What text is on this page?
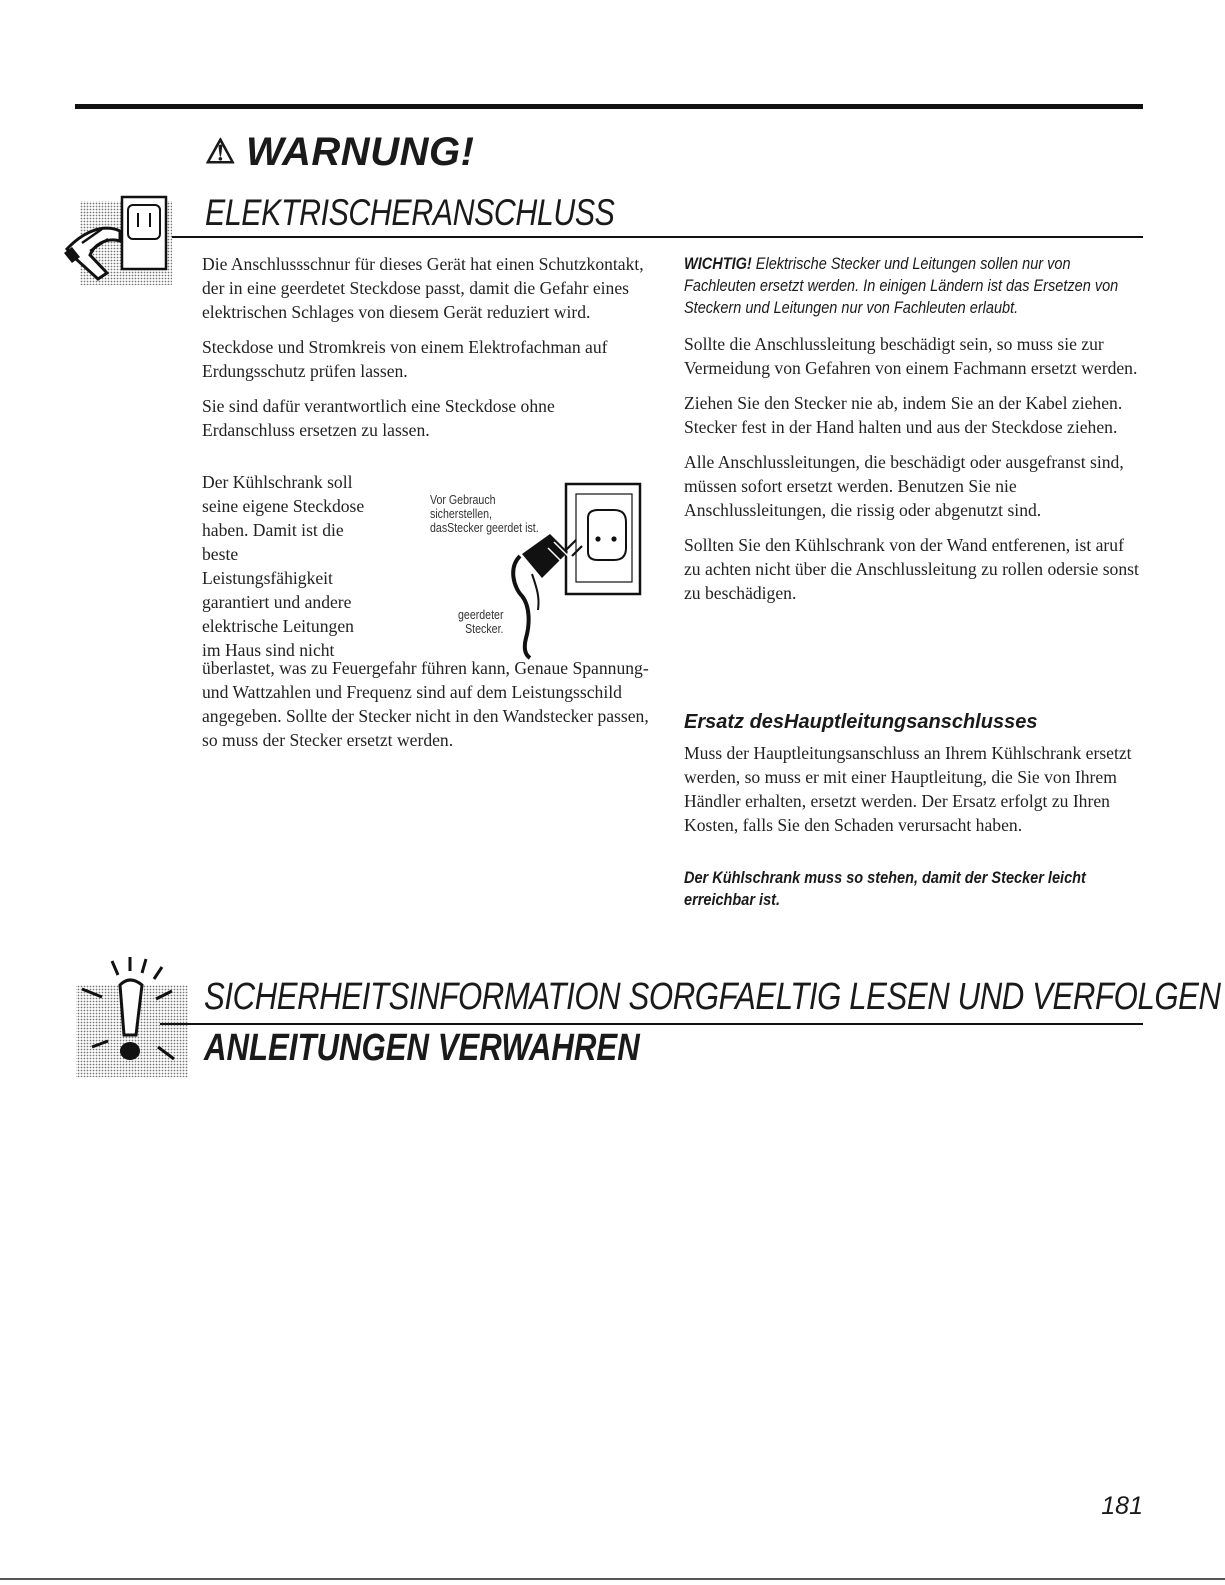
⚠ WARNUNG!
ELEKTRISCHERANSCHLUSS

Die Anschlussschnur für dieses Gerät hat einen Schutzkontakt, der in eine geerdetet Steckdose passt, damit die Gefahr eines elektrischen Schlages von diesem Gerät reduziert wird.

Steckdose und Stromkreis von einem Elektrofachman auf Erdungsschutz prüfen lassen.

Sie sind dafür verantwortlich eine Steckdose ohne Erdanschluss ersetzen zu lassen.

Der Kühlschrank soll
seine eigene Steckdose
haben. Damit ist die
beste
Leistungsfähigkeit
garantiert und andere
elektrische Leitungen
im Haus sind nicht
Vor Gebrauch
sicherstellen,
dasStecker geerdet ist.
geerdeter
Stecker.
überlastet, was zu Feuergefahr führen kann, Genaue Spannung- und Wattzahlen und Frequenz sind auf dem Leistungsschild angegeben. Sollte der Stecker nicht in den Wandstecker passen, so muss der Stecker ersetzt werden.
WICHTIG! Elektrische Stecker und Leitungen sollen nur von Fachleuten ersetzt werden. In einigen Ländern ist das Ersetzen von Steckern und Leitungen nur von Fachleuten erlaubt.

Sollte die Anschlussleitung beschädigt sein, so muss sie zur Vermeidung von Gefahren von einem Fachmann ersetzt werden.

Ziehen Sie den Stecker nie ab, indem Sie an der Kabel ziehen. Stecker fest in der Hand halten und aus der Steckdose ziehen.

Alle Anschlussleitungen, die beschädigt oder ausgefranst sind, müssen sofort ersetzt werden. Benutzen Sie nie Anschlussleitungen, die rissig oder abgenutzt sind.

Sollten Sie den Kühlschrank von der Wand entferenen, ist aruf zu achten nicht über die Anschlussleitung zu rollen odersie sonst zu beschädigen.

Ersatz desHauptleitungsanschlusses
Muss der Hauptleitungsanschluss an Ihrem Kühlschrank ersetzt werden, so muss er mit einer Hauptleitung, die Sie von Ihrem Händler erhalten, ersetzt werden. Der Ersatz erfolgt zu Ihren Kosten, falls Sie den Schaden verursacht haben.
Der Kühlschrank muss so stehen, damit der Stecker leicht erreichbar ist.
SICHERHEITSINFORMATION SORGFAELTIG LESEN UND VERFOLGEN
ANLEITUNGEN VERWAHREN
181
